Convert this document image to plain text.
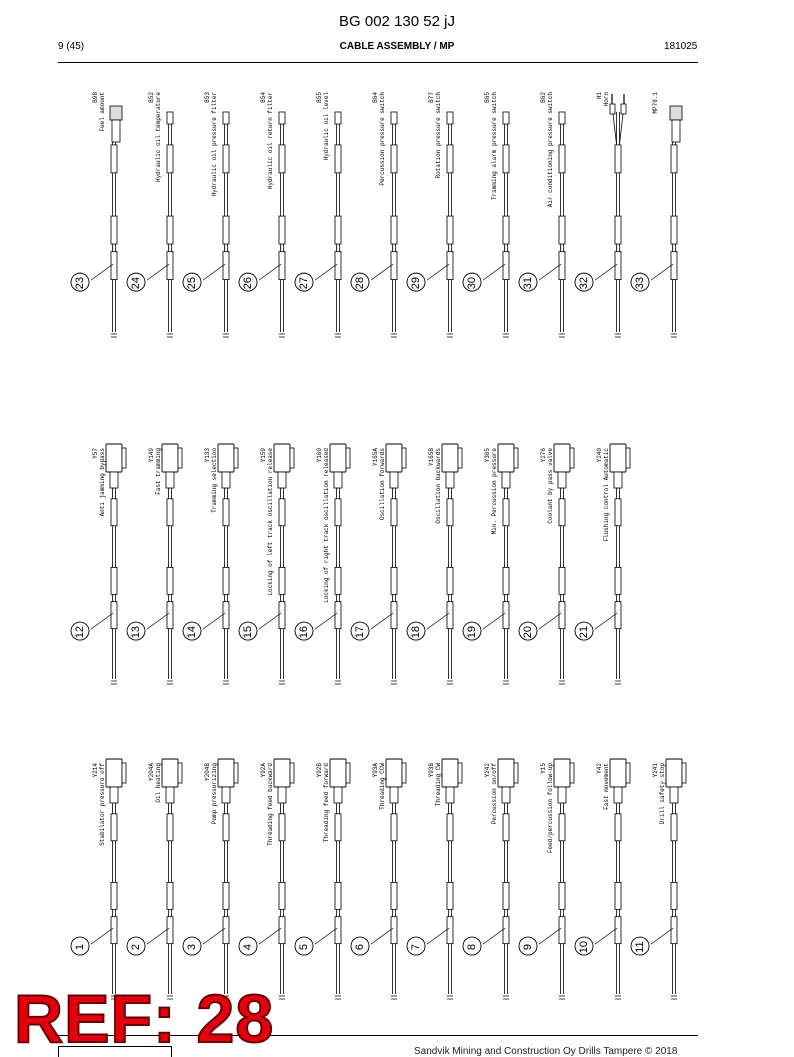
BG 002 130 52 jJ
9 (45)	CABLE ASSEMBLY / MP	181025
12
Y57 Anti jamming bypass
13
Y149 Fast tramming
14
Y133 Tramming selection
15
Y159 Locking of left track oscillation release
16
Y160 Locking of right track oscillation released
17
Y165A Oscillation forwards
18
Y165B Oscillation backwards
19
Y305 Min. Percussion pressure
20
Y276 Coolant by pass valve
21
Y240 Flushing control Automatic
1
Y214 Stabilator pressure off
2
Y204A Oil heating
3
Y204B Pump pressurizing
4
Y92A Threading feed backward
5
Y92B Threading feed forward
6
Y93A Threading CCW
7
Y93B Threading CW
8
Y242 Percussion on/off
9
Y15 Feed/percussion follow-up
10
Y42 Fast movement
11
Y241 Drill safety stop
23
B98 Fuel amount
24
B52 Hydraulic oil temperature
25
B53 Hydraulic oil pressure filter
26
B54 Hydraulic oil return filter
27
B55 Hydraulic oil level
28
B64 Percussion pressure switch
29
B77 Rotation pressure switch
30
B65 Tramming alarm pressure switch
31
B62 Air conditioning pressure switch
32
H1 Horn
33
MP78.1
Sandvik Mining and Construction Oy Drills Tampere © 2018
REF: 28
